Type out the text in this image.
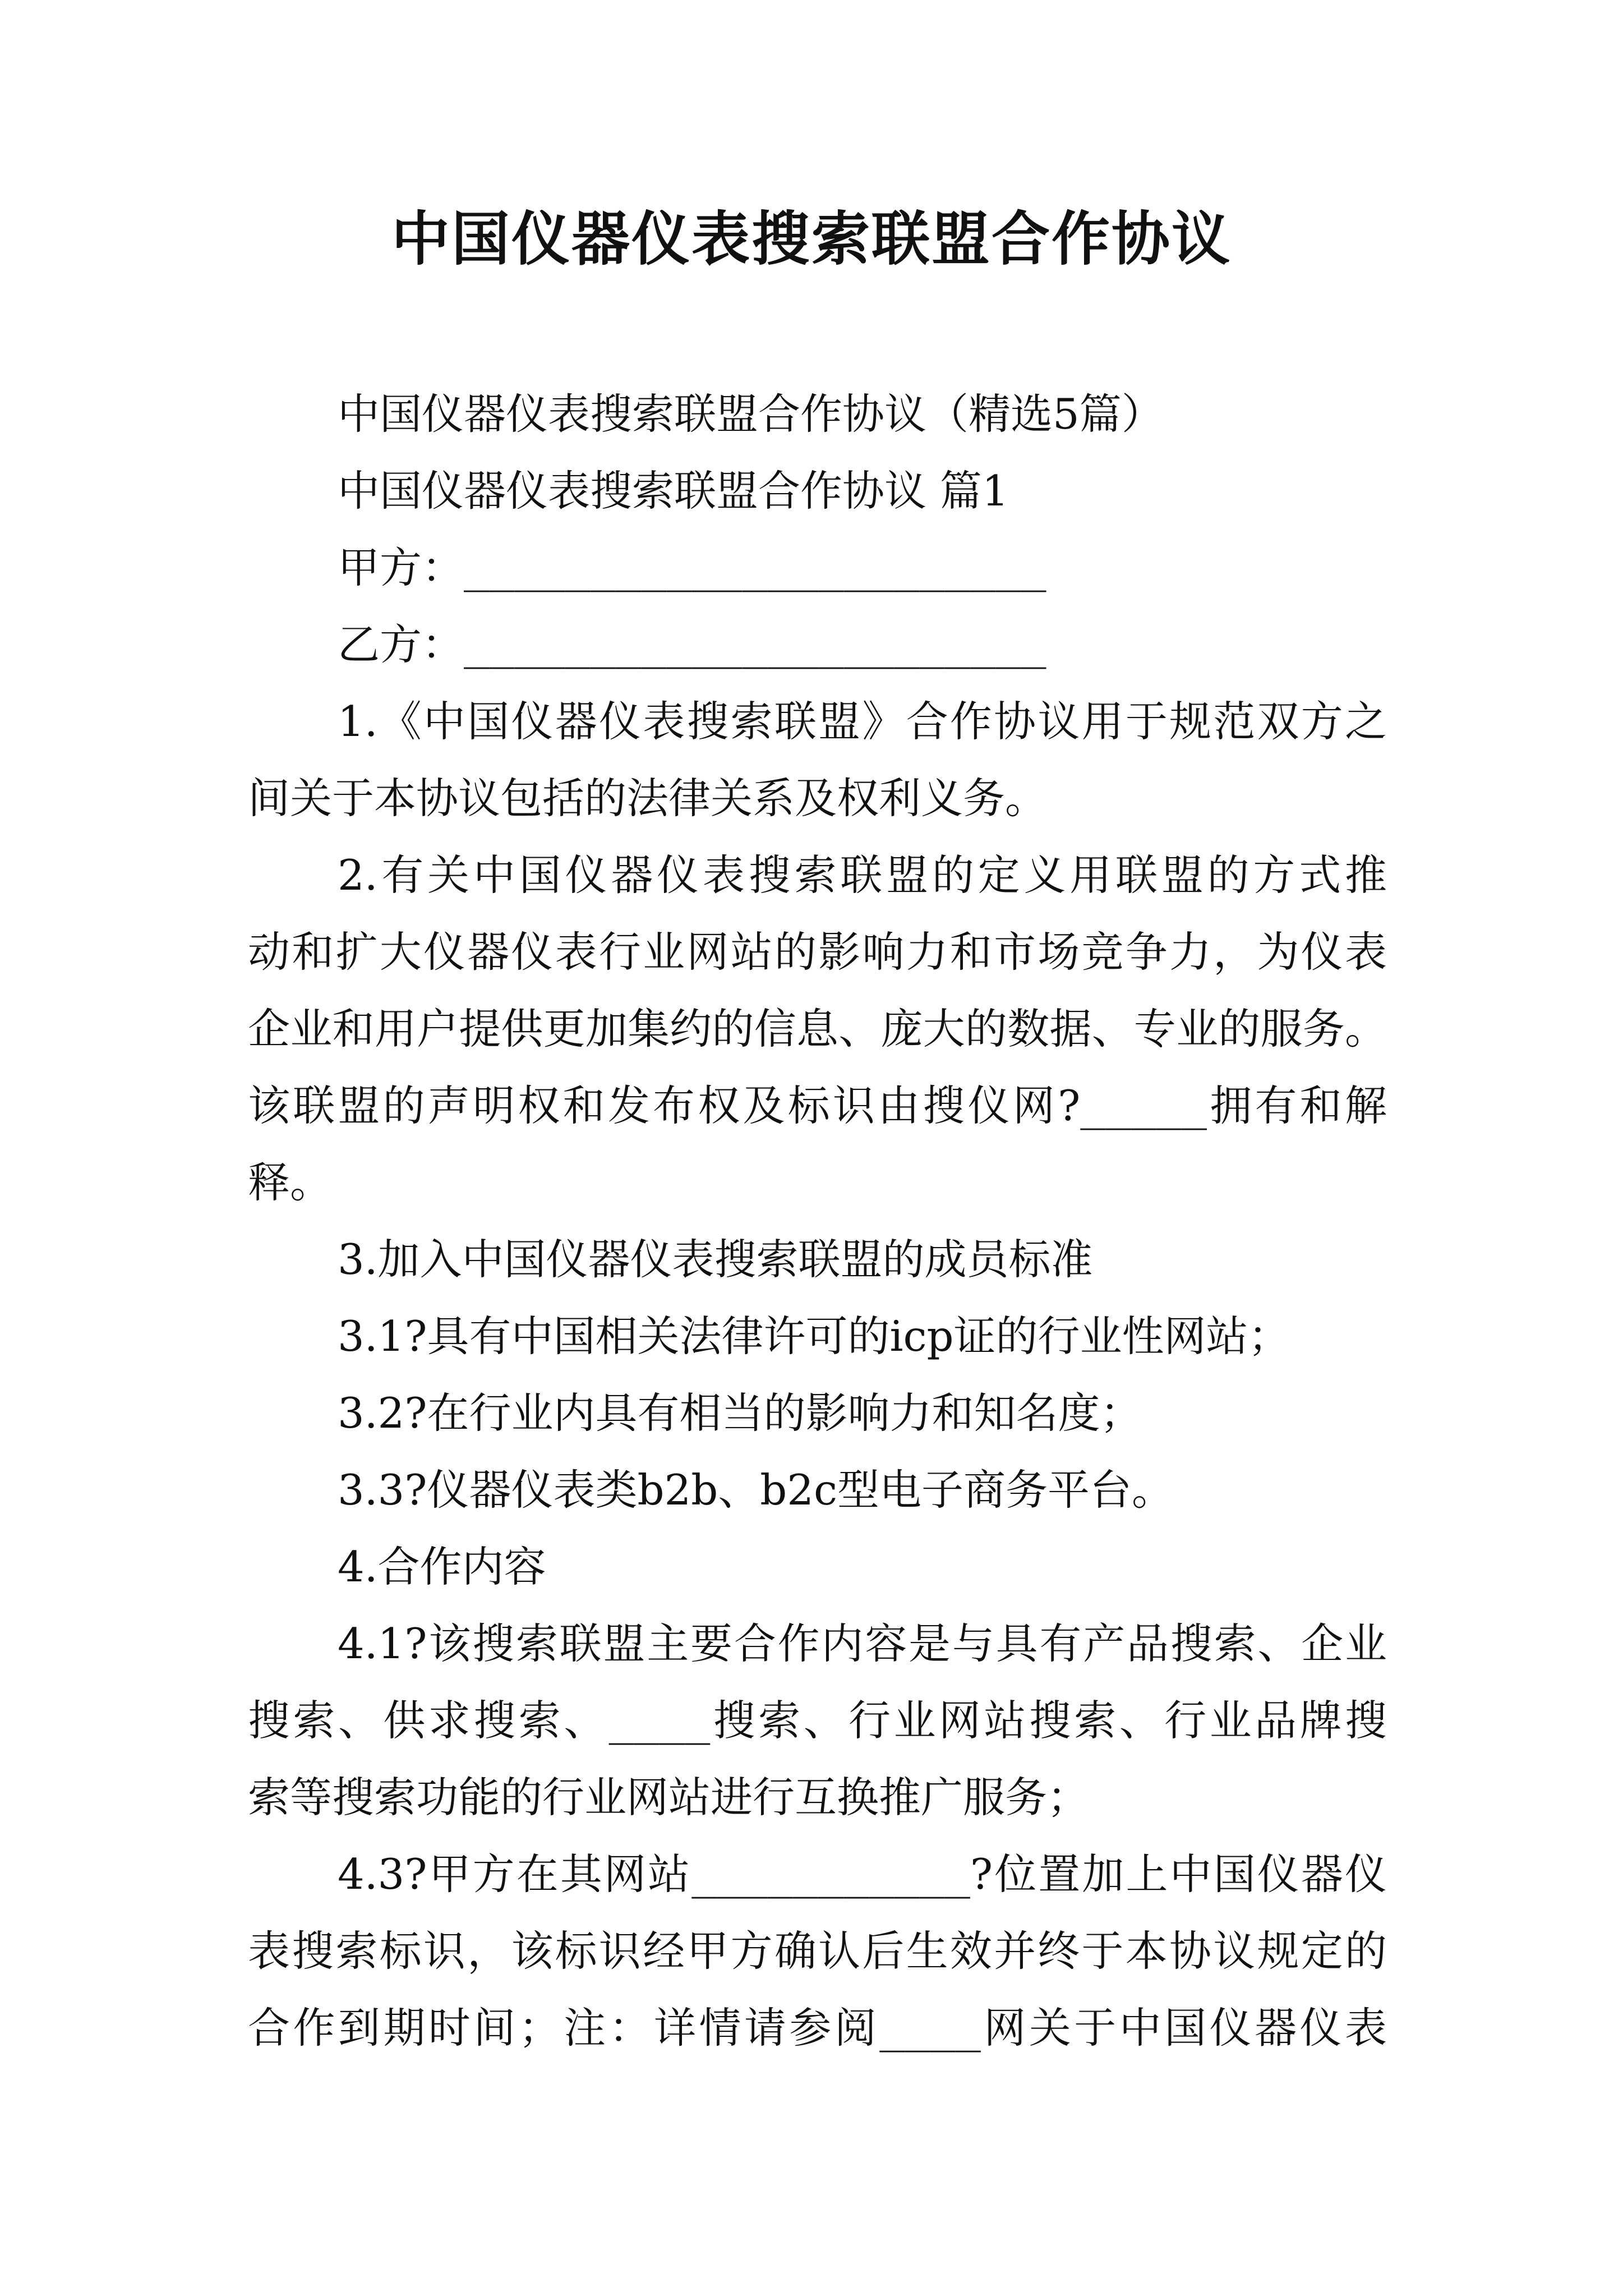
中国仪器仪表搜索联盟合作协议
中国仪器仪表搜索联盟合作协议（精选5篇）
中国仪器仪表搜索联盟合作协议 篇1
甲方：_______________________
乙方：_______________________
1.《中国仪器仪表搜索联盟》合作协议用于规范双方之
间关于本协议包括的法律关系及权利义务。
2.有关中国仪器仪表搜索联盟的定义用联盟的方式推
动和扩大仪器仪表行业网站的影响力和市场竞争力，为仪表
企业和用户提供更加集约的信息、庞大的数据、专业的服务。
该联盟的声明权和发布权及标识由搜仪网?_____拥有和解
释。
3.加入中国仪器仪表搜索联盟的成员标准
3.1?具有中国相关法律许可的icp证的行业性网站；
3.2?在行业内具有相当的影响力和知名度；
3.3?仪器仪表类b2b、b2c型电子商务平台。
4.合作内容
4.1?该搜索联盟主要合作内容是与具有产品搜索、企业
搜索、供求搜索、____搜索、行业网站搜索、行业品牌搜
索等搜索功能的行业网站进行互换推广服务；
4.3?甲方在其网站___________?位置加上中国仪器仪
表搜索标识，该标识经甲方确认后生效并终于本协议规定的
合作到期时间；注：详情请参阅____网关于中国仪器仪表
